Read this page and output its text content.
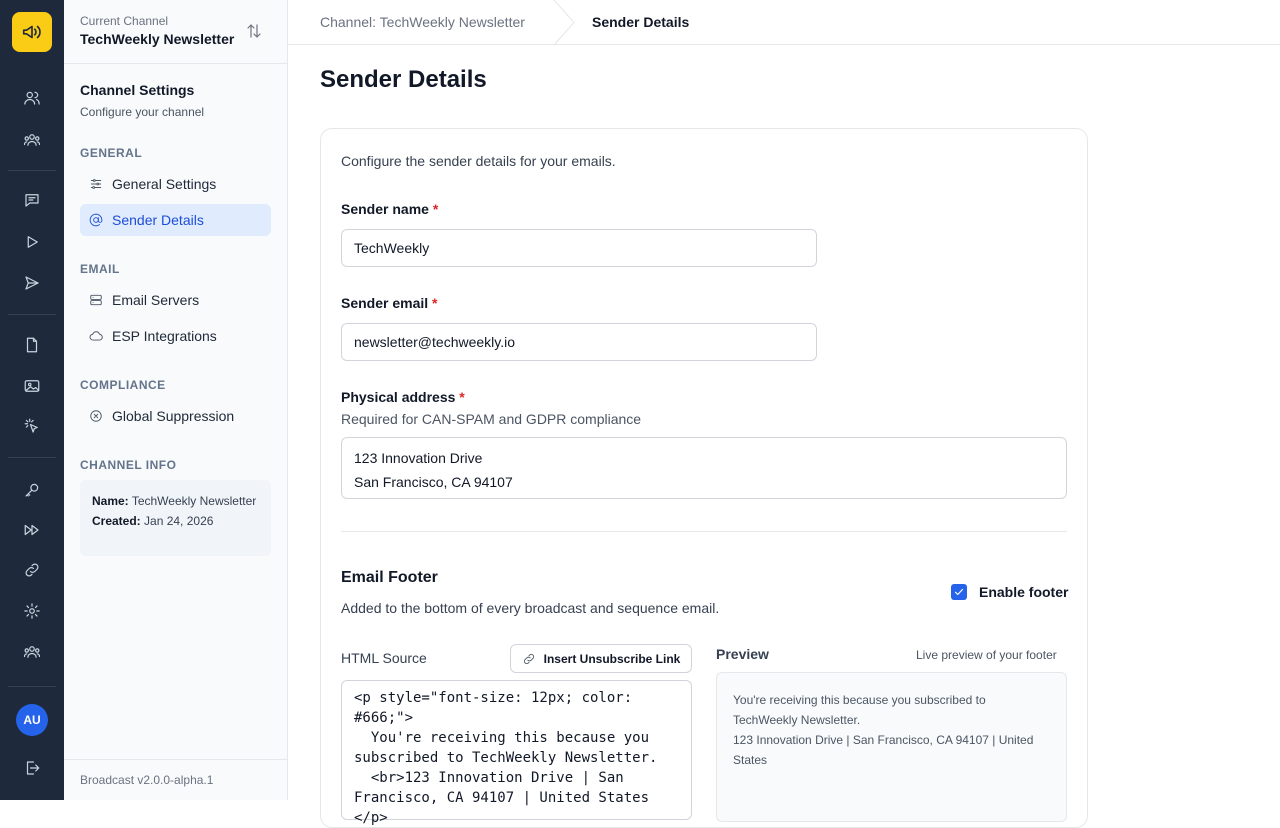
AU
Current Channel
TechWeekly Newsletter
Channel Settings
Configure your channel
GENERAL
General Settings
Sender Details
EMAIL
Email Servers
ESP Integrations
COMPLIANCE
Global Suppression
CHANNEL INFO
Name: TechWeekly Newsletter
Created: Jan 24, 2026
Broadcast v2.0.0-alpha.1
Channel: TechWeekly Newsletter	Sender Details
Sender Details
Configure the sender details for your emails.
Sender name *
TechWeekly
Sender email *
newsletter@techweekly.io
Physical address *
Required for CAN-SPAM and GDPR compliance
123 Innovation Drive
San Francisco, CA 94107
Email Footer
Added to the bottom of every broadcast and sequence email.
Enable footer
HTML Source	Insert Unsubscribe Link
<p style="font-size: 12px; color: #666;">
You're receiving this because you subscribed to TechWeekly Newsletter.
<br>123 Innovation Drive | San Francisco, CA 94107 | United States
</p>
Preview	Live preview of your footer
You're receiving this because you subscribed to TechWeekly Newsletter.
123 Innovation Drive | San Francisco, CA 94107 | United States
